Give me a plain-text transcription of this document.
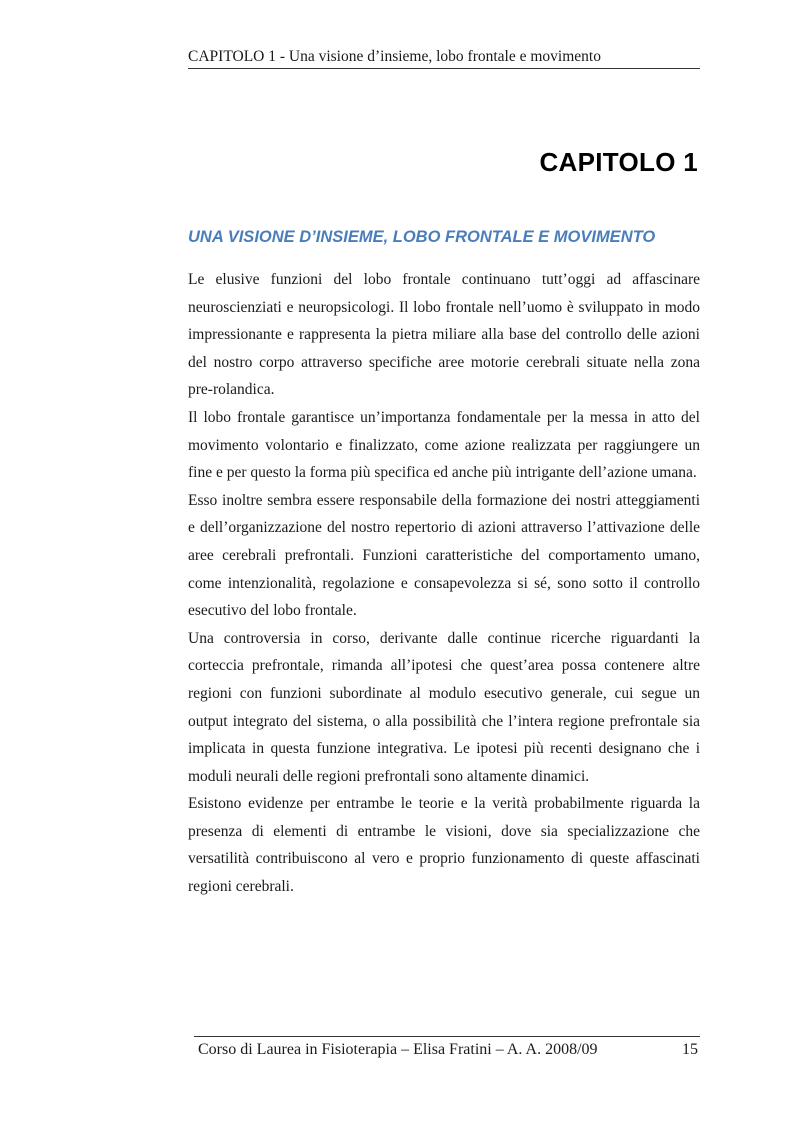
CAPITOLO 1 - Una visione d’insieme, lobo frontale e movimento
CAPITOLO 1
UNA VISIONE D’INSIEME, LOBO FRONTALE E MOVIMENTO

Le elusive funzioni del lobo frontale continuano tutt’oggi ad affascinare neuroscienziati e neuropsicologi. Il lobo frontale nell’uomo è sviluppato in modo impressionante e rappresenta la pietra miliare alla base del controllo delle azioni del nostro corpo attraverso specifiche aree motorie cerebrali situate nella zona pre-rolandica.

Il lobo frontale garantisce un’importanza fondamentale per la messa in atto del movimento volontario e finalizzato, come azione realizzata per raggiungere un fine e per questo la forma più specifica ed anche più intrigante dell’azione umana.

Esso inoltre sembra essere responsabile della formazione dei nostri atteggiamenti e dell’organizzazione del nostro repertorio di azioni attraverso l’attivazione delle aree cerebrali prefrontali. Funzioni caratteristiche del comportamento umano, come intenzionalità, regolazione e consapevolezza si sé, sono sotto il controllo esecutivo del lobo frontale.

Una controversia in corso, derivante dalle continue ricerche riguardanti la corteccia prefrontale, rimanda all’ipotesi che quest’area possa contenere altre regioni con funzioni subordinate al modulo esecutivo generale, cui segue un output integrato del sistema, o alla possibilità che l’intera regione prefrontale sia implicata in questa funzione integrativa. Le ipotesi più recenti designano che i moduli neurali delle regioni prefrontali sono altamente dinamici.

Esistono evidenze per entrambe le teorie e la verità probabilmente riguarda la presenza di elementi di entrambe le visioni, dove sia specializzazione che versatilità contribuiscono al vero e proprio funzionamento di queste affascinati regioni cerebrali.

Corso di Laurea in Fisioterapia – Elisa Fratini – A. A. 2008/09	15
